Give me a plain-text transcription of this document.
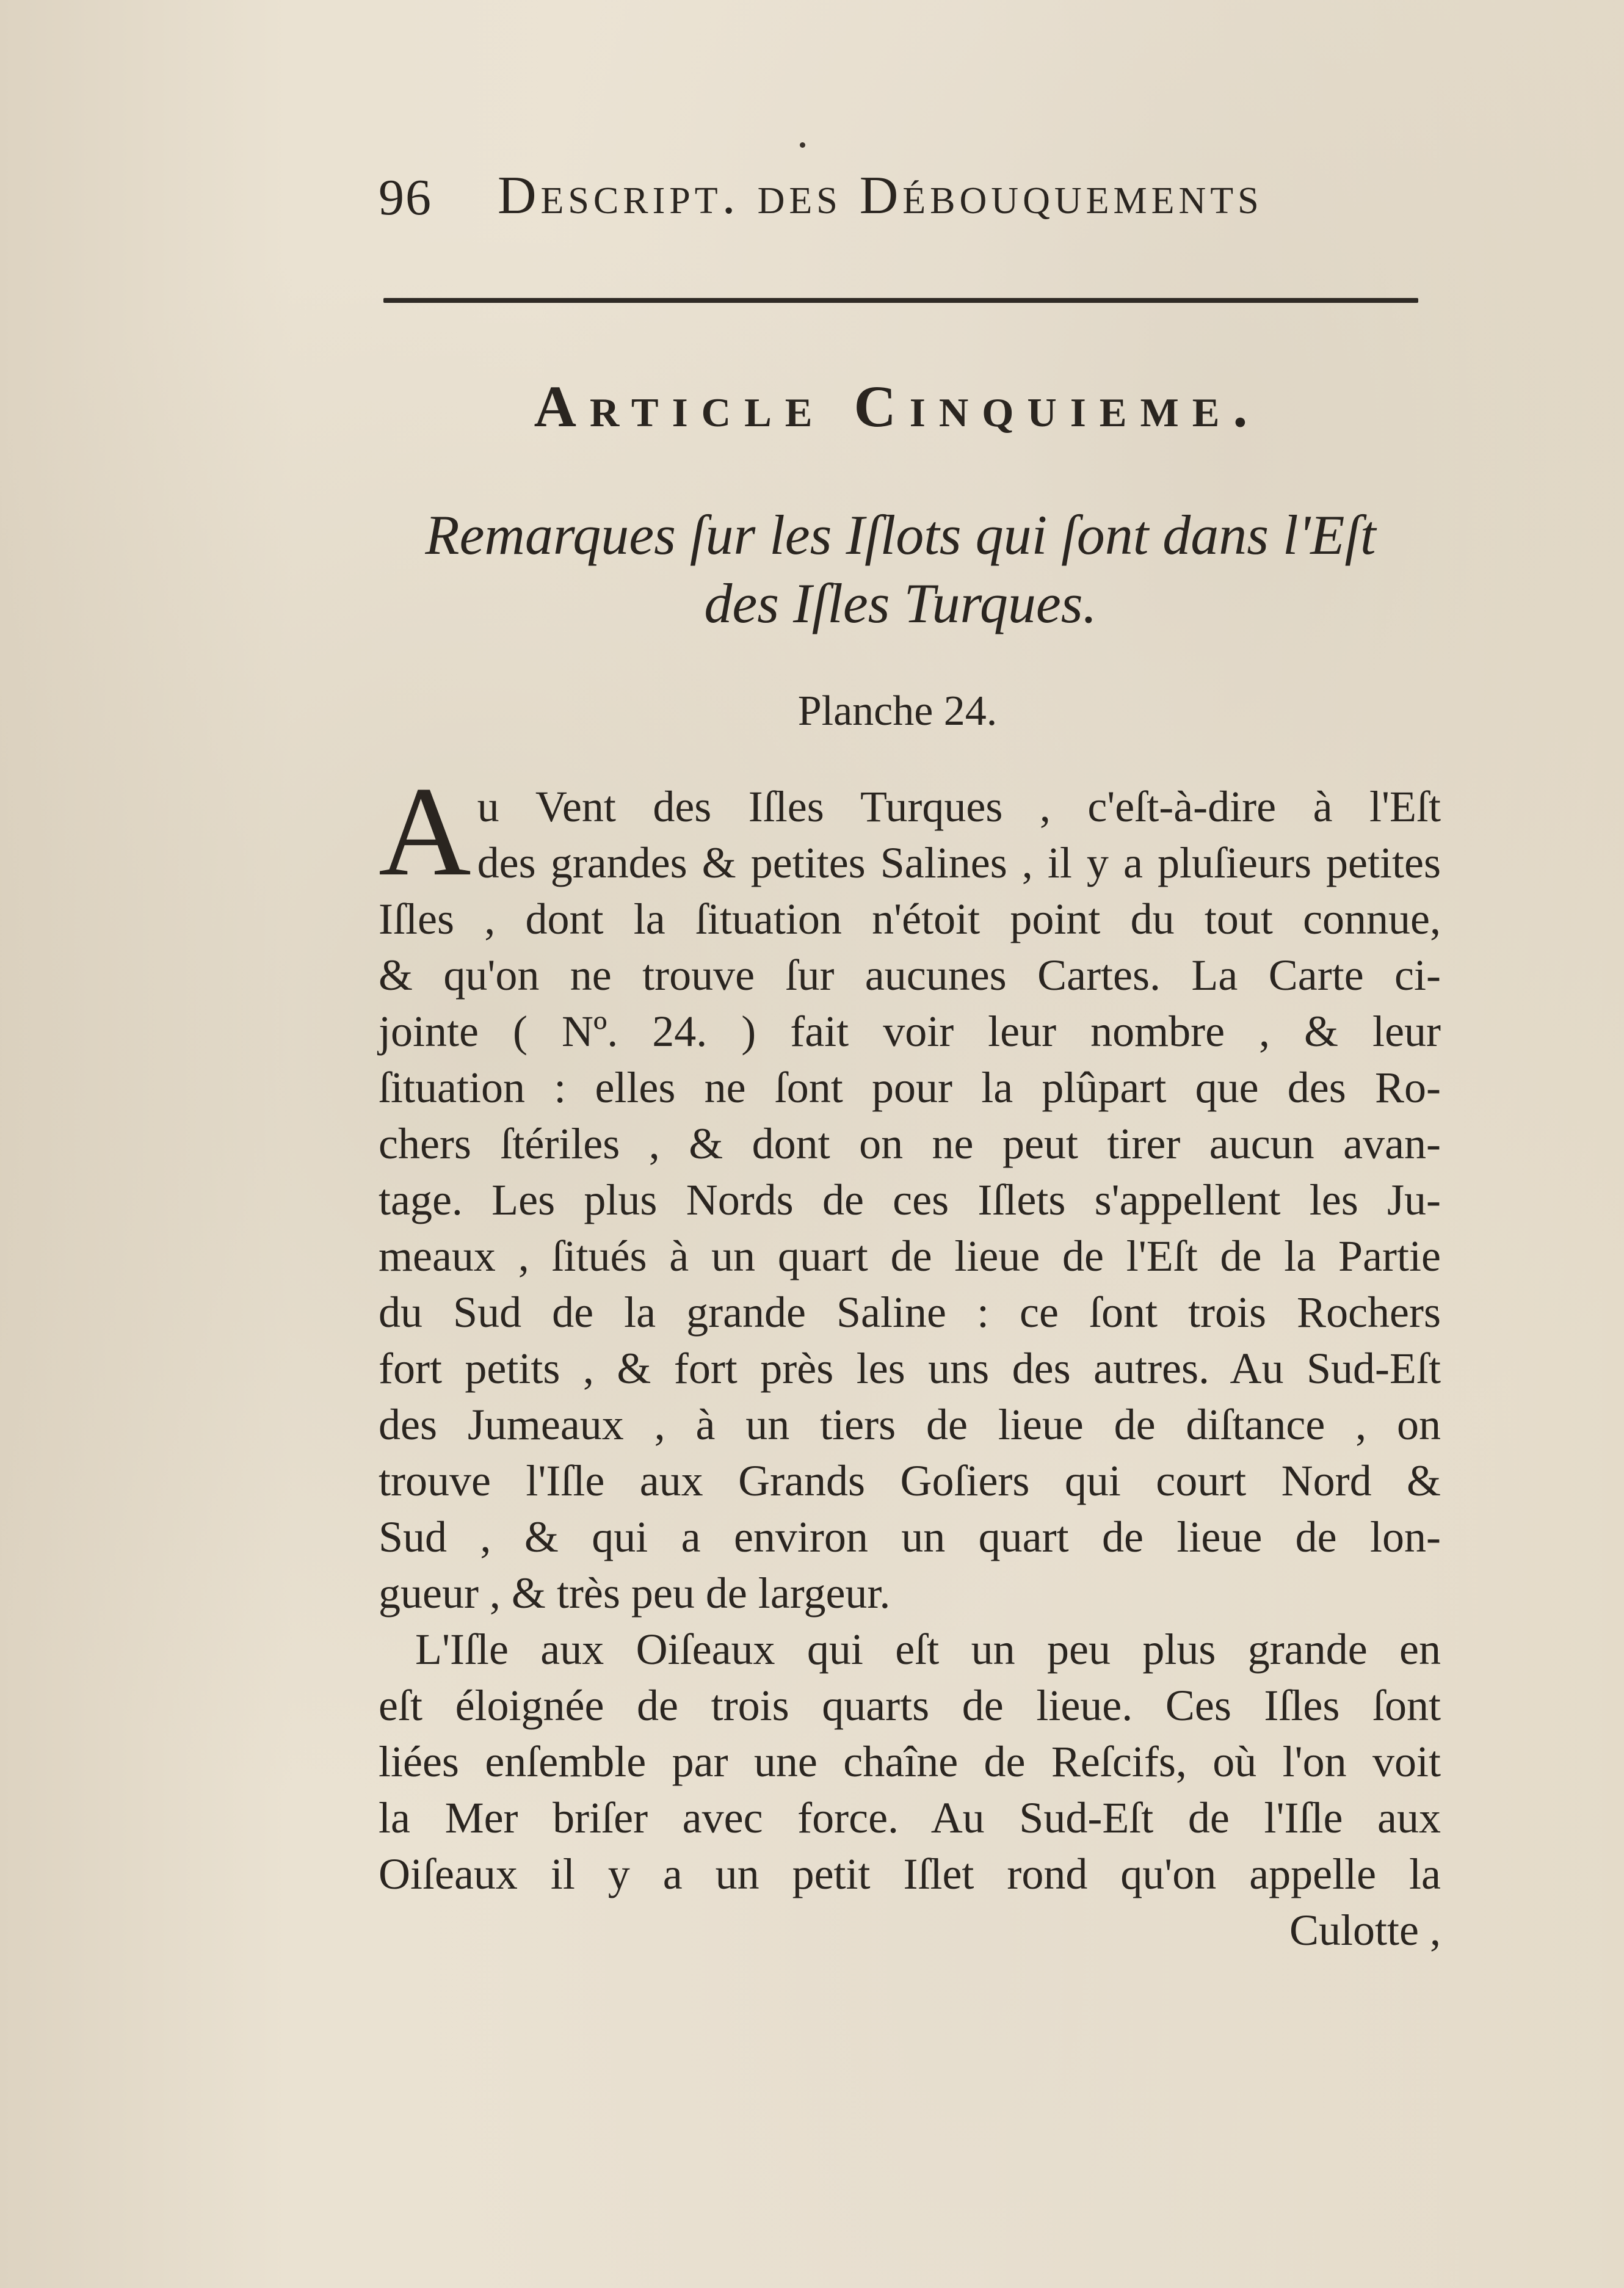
96 Descript. des Débouquements
Article Cinquieme.
Remarques ſur les Iſlots qui ſont dans l'Eſt
des Iſles Turques.
Planche 24.
A u Vent des Iſles Turques , c'eſt-à-dire à l'Eſt
des grandes & petites Salines , il y a pluſieurs petites
Iſles , dont la ſituation n'étoit point du tout connue,
& qu'on ne trouve ſur aucunes Cartes. La Carte ci-
jointe ( Nº. 24. ) fait voir leur nombre , & leur
ſituation : elles ne ſont pour la plûpart que des Ro-
chers ſtériles , & dont on ne peut tirer aucun avan-
tage. Les plus Nords de ces Iſlets s'appellent les Ju-
meaux , ſitués à un quart de lieue de l'Eſt de la Partie
du Sud de la grande Saline : ce ſont trois Rochers
fort petits , & fort près les uns des autres. Au Sud-Eſt
des Jumeaux , à un tiers de lieue de diſtance , on
trouve l'Iſle aux Grands Goſiers qui court Nord &
Sud , & qui a environ un quart de lieue de lon-
gueur , & très peu de largeur.
L'Iſle aux Oiſeaux qui eſt un peu plus grande en
eſt éloignée de trois quarts de lieue. Ces Iſles ſont
liées enſemble par une chaîne de Reſcifs, où l'on voit
la Mer briſer avec force. Au Sud-Eſt de l'Iſle aux
Oiſeaux il y a un petit Iſlet rond qu'on appelle la
Culotte ,
